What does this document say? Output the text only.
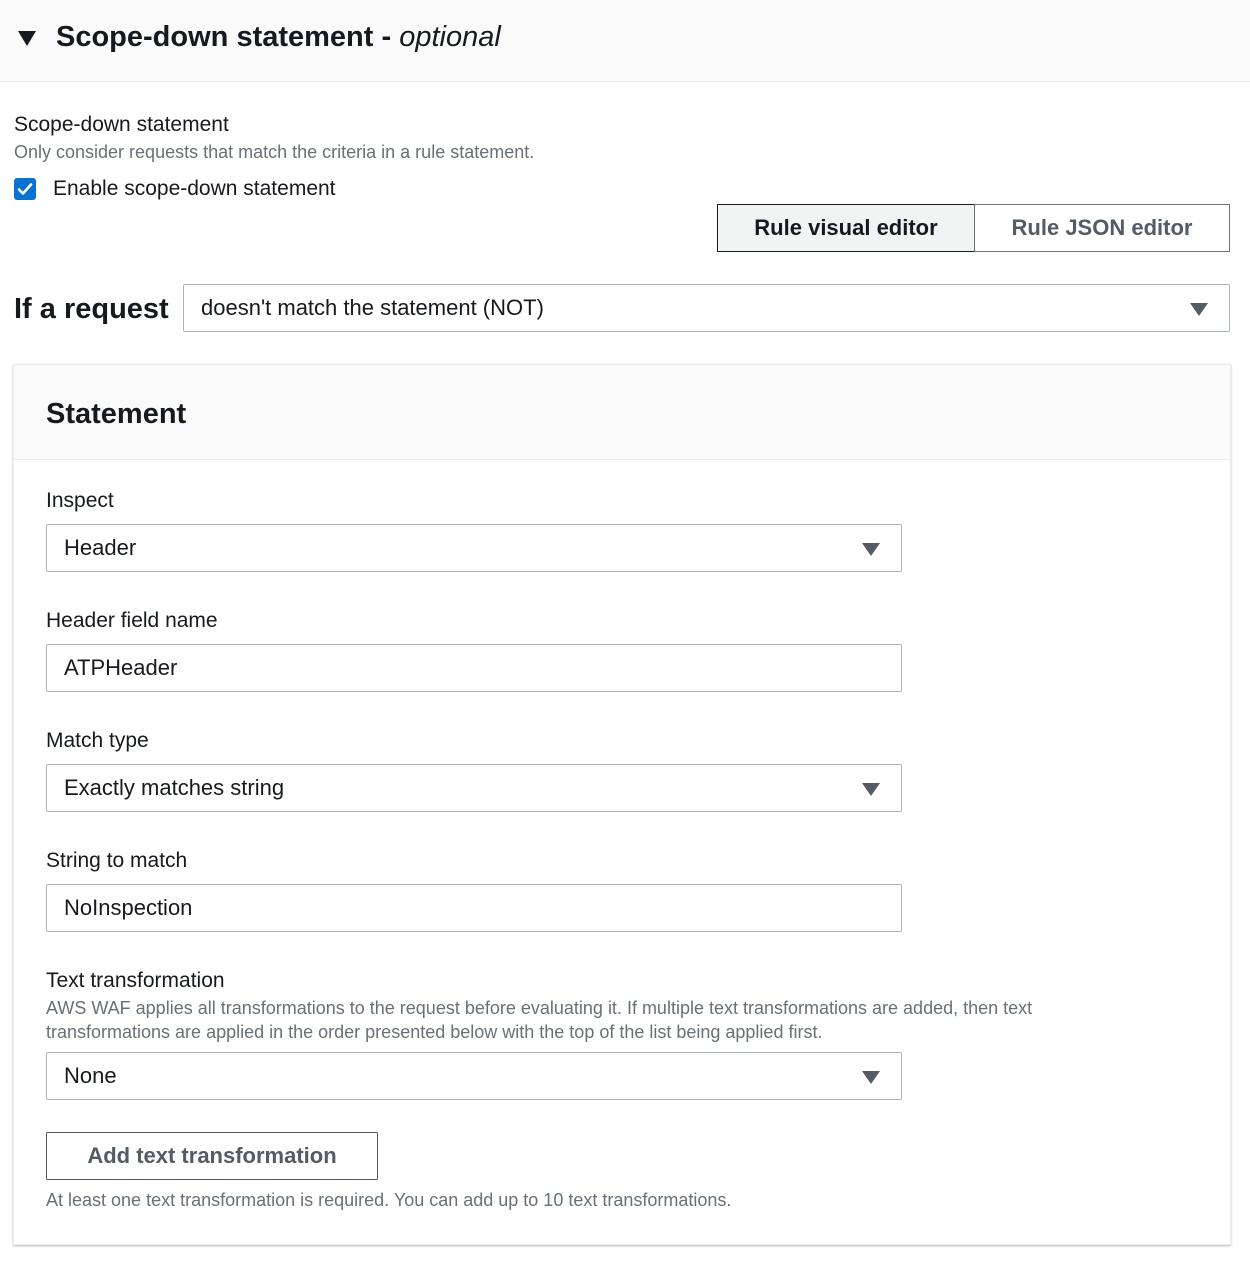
Scope-down statement - optional
Scope-down statement
Only consider requests that match the criteria in a rule statement.
Enable scope-down statement
Rule visual editor	Rule JSON editor
If a request	doesn't match the statement (NOT)
Statement
Inspect
Header
Header field name
ATPHeader
Match type
Exactly matches string
String to match
NoInspection
Text transformation
AWS WAF applies all transformations to the request before evaluating it. If multiple text transformations are added, then text
transformations are applied in the order presented below with the top of the list being applied first.
None
Add text transformation
At least one text transformation is required. You can add up to 10 text transformations.
